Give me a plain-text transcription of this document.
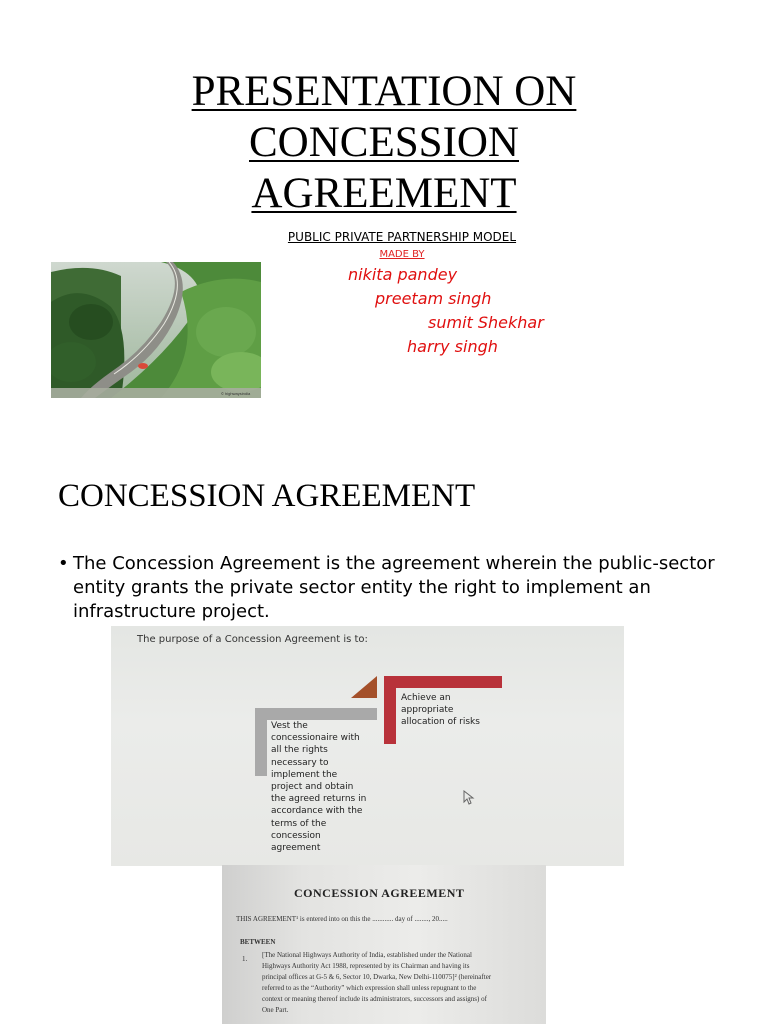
PRESENTATION ON
CONCESSION
AGREEMENT
PUBLIC PRIVATE PARTNERSHIP MODEL
MADE BY
nikita pandey
preetam singh
sumit Shekhar
harry singh
© highwaysindia
CONCESSION AGREEMENT
• The Concession Agreement is the agreement wherein the public-sector entity grants the private sector entity the right to implement an infrastructure project.
The purpose of a Concession Agreement is to:
Achieve an
appropriate
allocation of risks
Vest the
concessionaire with
all the rights
necessary to
implement the
project and obtain
the agreed returns in
accordance with the
terms of the
concession
agreement
CONCESSION AGREEMENT
THIS AGREEMENT¹ is entered into on this the ............ day of ........, 20.....
BETWEEN
1. [The National Highways Authority of India, established under the National
Highways Authority Act 1988, represented by its Chairman and having its
principal offices at G-5 & 6, Sector 10, Dwarka, New Delhi-110075]² (hereinafter
referred to as the “Authority” which expression shall unless repugnant to the
context or meaning thereof include its administrators, successors and assigns) of
One Part.
